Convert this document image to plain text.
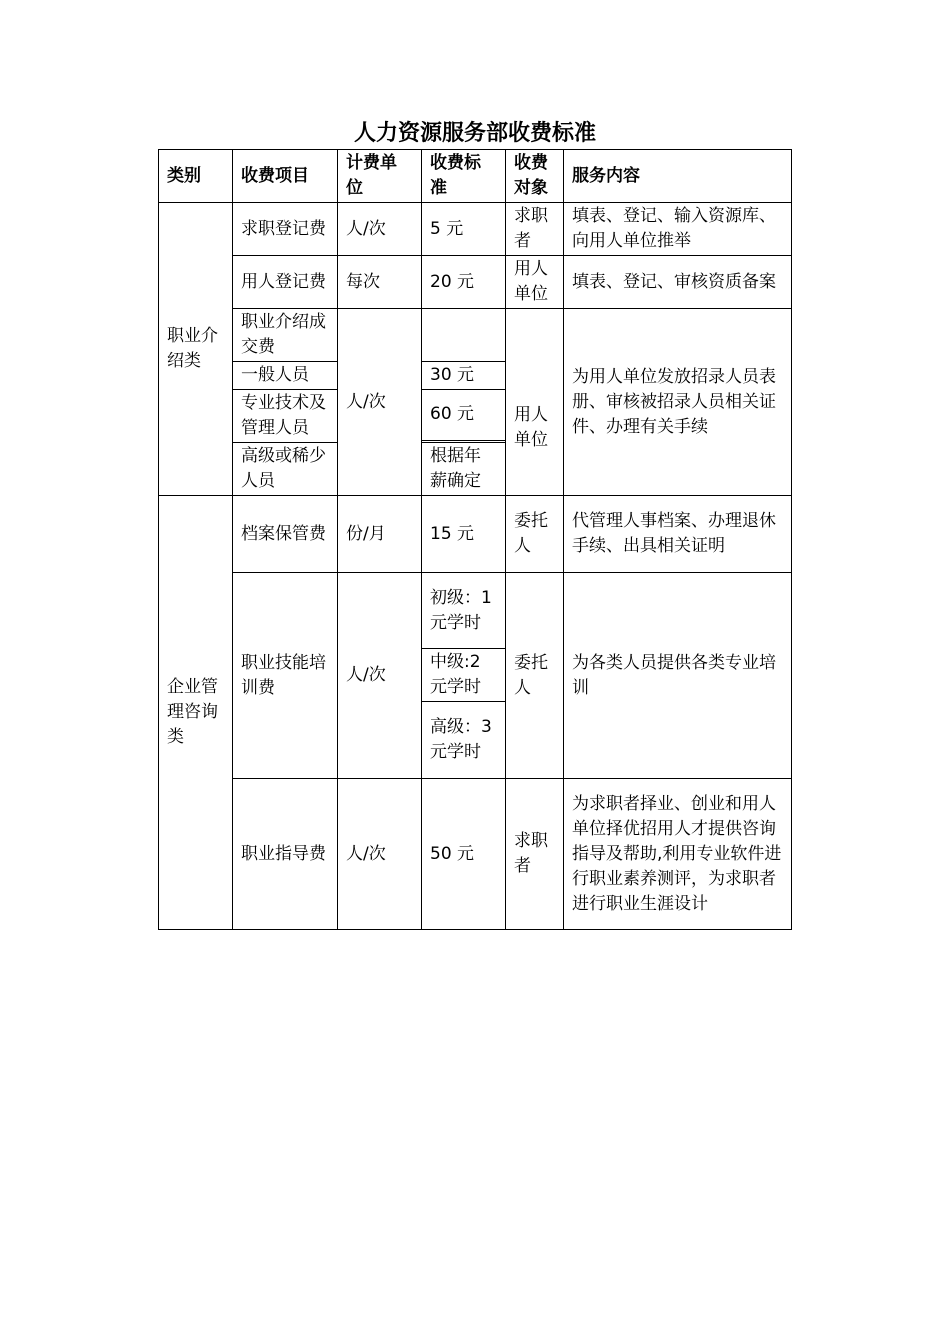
人力资源服务部收费标准
类别	收费项目	计费单位	收费标准	收费对象	服务内容
职业介绍类	求职登记费	人/次	5 元	求职者	填表、登记、输入资源库、向用人单位推举
	用人登记费	每次	20 元	用人单位	填表、登记、审核资质备案
	职业介绍成交费	人/次		用人单位	为用人单位发放招录人员表册、审核被招录人员相关证件、办理有关手续
	一般人员		30 元		
	专业技术及管理人员		60 元		

	高级或稀少人员		根据年薪确定		
企业管理咨询类	档案保管费	份/月	15 元	委托人	代管理人事档案、办理退休手续、出具相关证明
	职业技能培训费	人/次	初级：1 元学时	委托人	为各类人员提供各类专业培训
			中级:2 元学时		
			高级：3 元学时		
	职业指导费	人/次	50 元	求职者	为求职者择业、创业和用人单位择优招用人才提供咨询指导及帮助,利用专业软件进行职业素养测评，为求职者进行职业生涯设计
